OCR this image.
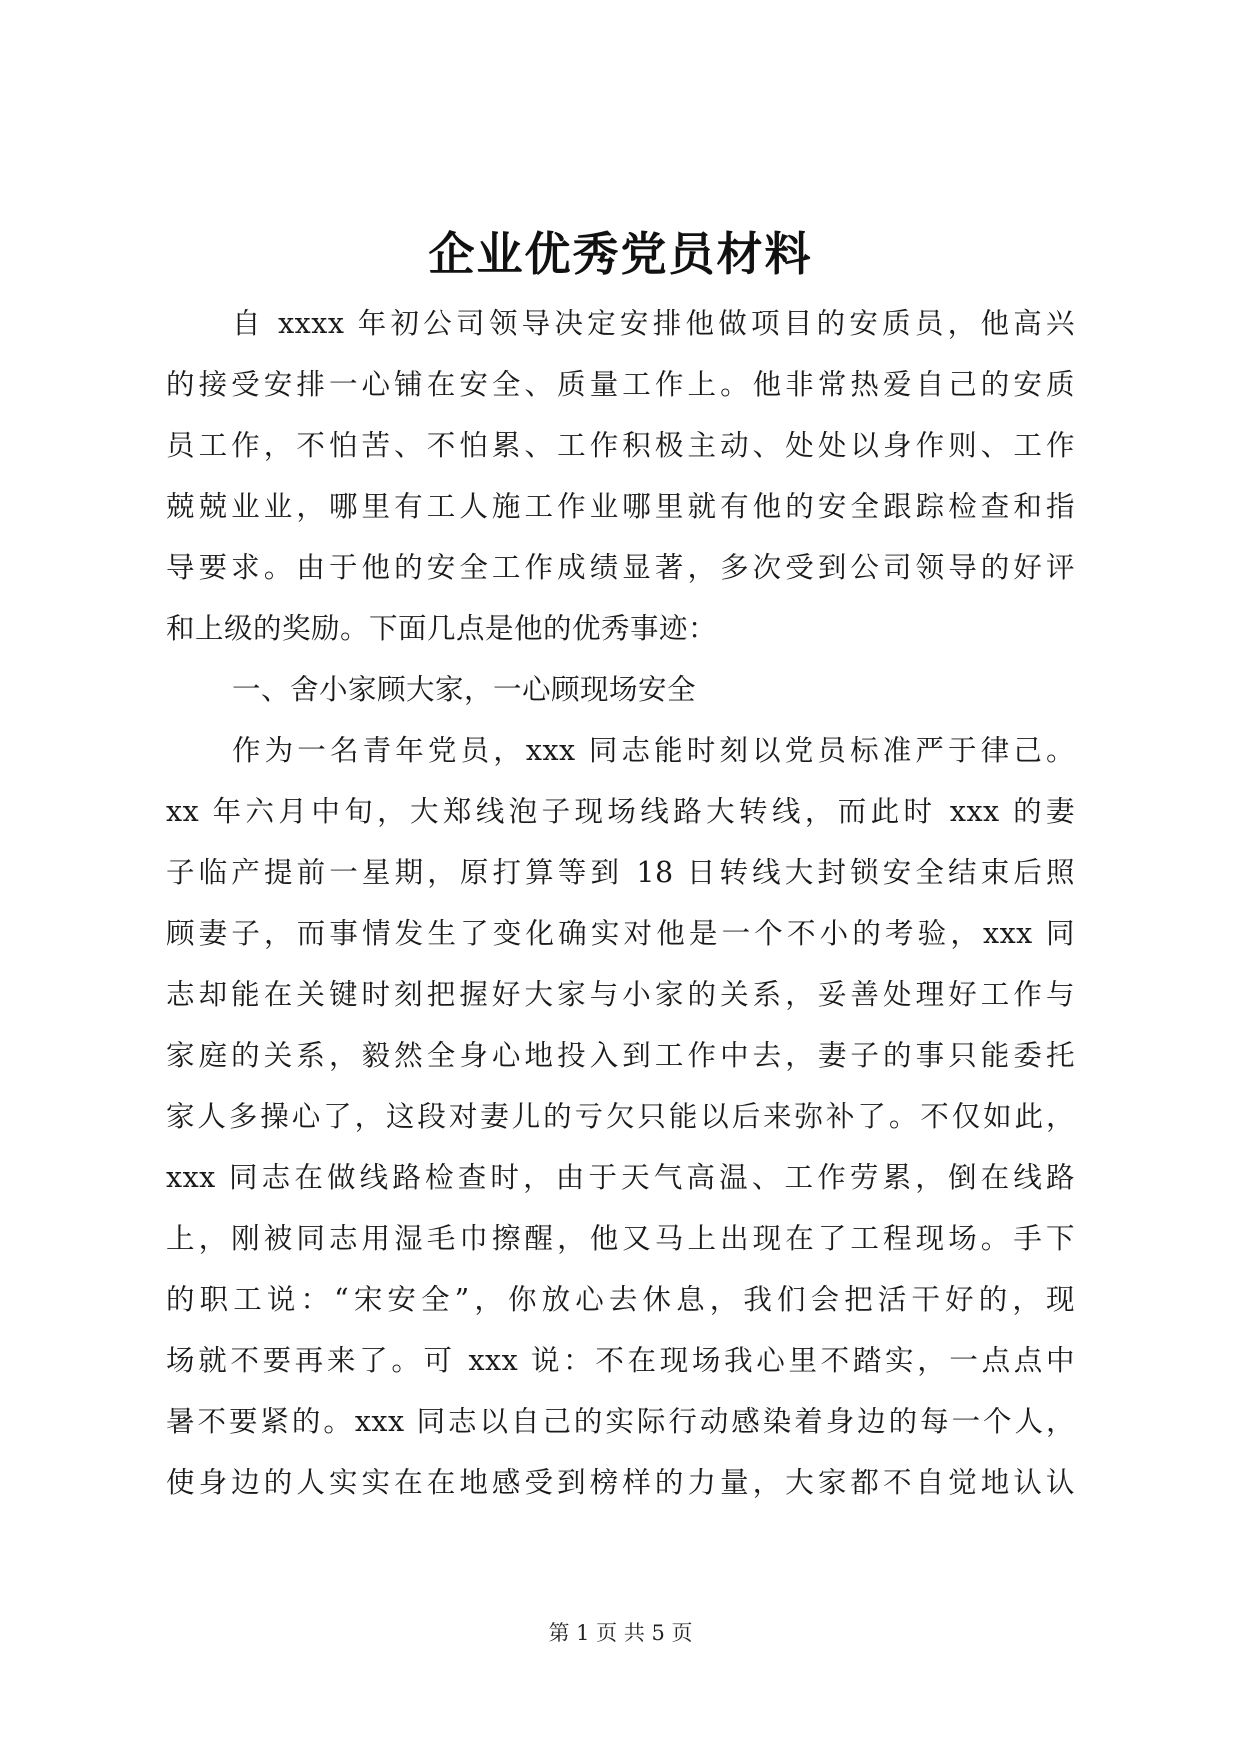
企业优秀党员材料
自 xxxx 年初公司领导决定安排他做项目的安质员，他高兴
的接受安排一心铺在安全、质量工作上。他非常热爱自己的安质
员工作，不怕苦、不怕累、工作积极主动、处处以身作则、工作
兢兢业业，哪里有工人施工作业哪里就有他的安全跟踪检查和指
导要求。由于他的安全工作成绩显著，多次受到公司领导的好评
和上级的奖励。下面几点是他的优秀事迹：
一、舍小家顾大家，一心顾现场安全
作为一名青年党员，xxx 同志能时刻以党员标准严于律己。
xx 年六月中旬，大郑线泡子现场线路大转线，而此时 xxx 的妻
子临产提前一星期，原打算等到 18 日转线大封锁安全结束后照
顾妻子，而事情发生了变化确实对他是一个不小的考验，xxx 同
志却能在关键时刻把握好大家与小家的关系，妥善处理好工作与
家庭的关系，毅然全身心地投入到工作中去，妻子的事只能委托
家人多操心了，这段对妻儿的亏欠只能以后来弥补了。不仅如此，
xxx 同志在做线路检查时，由于天气高温、工作劳累，倒在线路
上，刚被同志用湿毛巾擦醒，他又马上出现在了工程现场。手下
的职工说：“宋安全”，你放心去休息，我们会把活干好的，现
场就不要再来了。可 xxx 说：不在现场我心里不踏实，一点点中
暑不要紧的。xxx 同志以自己的实际行动感染着身边的每一个人，
使身边的人实实在在地感受到榜样的力量，大家都不自觉地认认
第 1 页 共 5 页
